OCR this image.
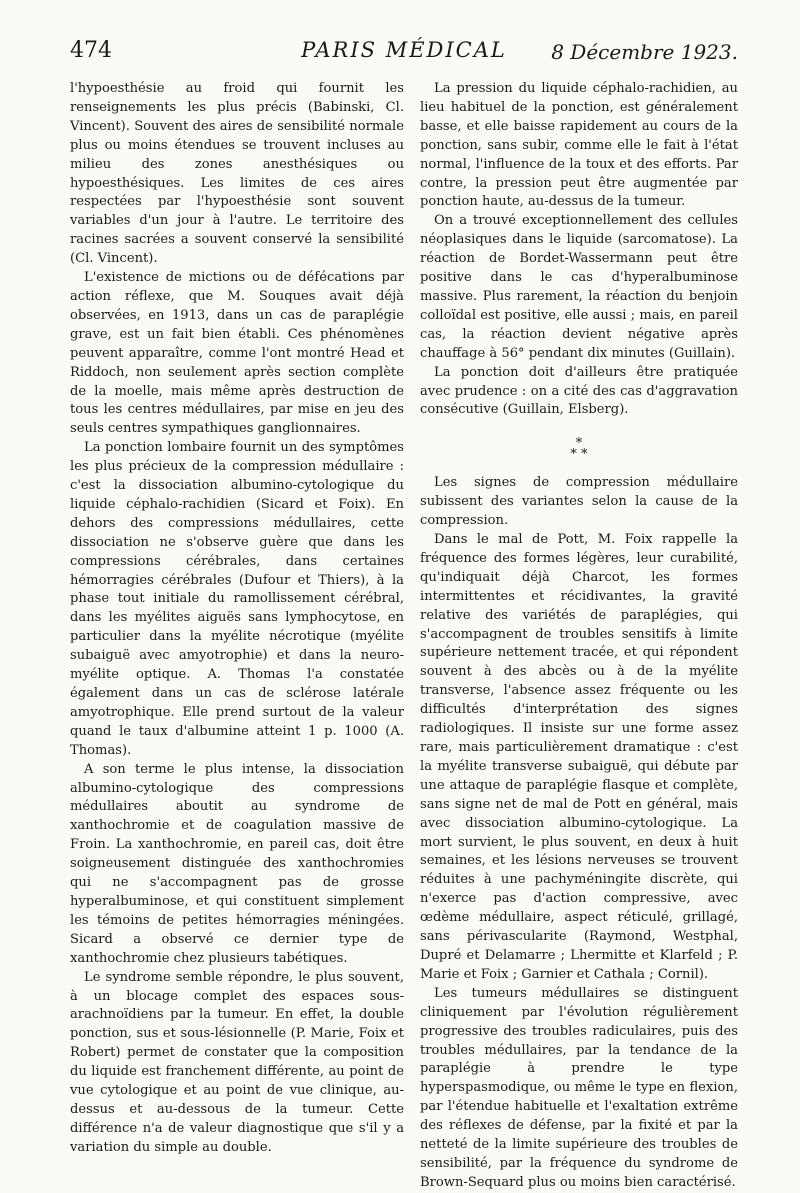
474	PARIS MÉDICAL	8 Décembre 1923.

l'hypoesthésie au froid qui fournit les renseignements les plus précis (Babinski, Cl. Vincent). Souvent des aires de sensibilité normale plus ou moins étendues se trouvent incluses au milieu des zones anesthésiques ou hypoesthésiques. Les limites de ces aires respectées par l'hypoesthésie sont souvent variables d'un jour à l'autre. Le territoire des racines sacrées a souvent conservé la sensibilité (Cl. Vincent).

L'existence de mictions ou de défécations par action réflexe, que M. Souques avait déjà observées, en 1913, dans un cas de paraplégie grave, est un fait bien établi. Ces phénomènes peuvent apparaître, comme l'ont montré Head et Riddoch, non seulement après section complète de la moelle, mais même après destruction de tous les centres médullaires, par mise en jeu des seuls centres sympathiques ganglionnaires.

La ponction lombaire fournit un des symptômes les plus précieux de la compression médullaire : c'est la dissociation albumino-cytologique du liquide céphalo-rachidien (Sicard et Foix). En dehors des compressions médullaires, cette dissociation ne s'observe guère que dans les compressions cérébrales, dans certaines hémorragies cérébrales (Dufour et Thiers), à la phase tout initiale du ramollissement cérébral, dans les myélites aiguës sans lymphocytose, en particulier dans la myélite nécrotique (myélite subaiguë avec amyotrophie) et dans la neuro-myélite optique. A. Thomas l'a constatée également dans un cas de sclérose latérale amyotrophique. Elle prend surtout de la valeur quand le taux d'albumine atteint 1 p. 1000 (A. Thomas).

A son terme le plus intense, la dissociation albumino-cytologique des compressions médullaires aboutit au syndrome de xanthochromie et de coagulation massive de Froin. La xanthochromie, en pareil cas, doit être soigneusement distinguée des xanthochromies qui ne s'accompagnent pas de grosse hyperalbuminose, et qui constituent simplement les témoins de petites hémorragies méningées. Sicard a observé ce dernier type de xanthochromie chez plusieurs tabétiques.

Le syndrome semble répondre, le plus souvent, à un blocage complet des espaces sous-arachnoïdiens par la tumeur. En effet, la double ponction, sus et sous-lésionnelle (P. Marie, Foix et Robert) permet de constater que la composition du liquide est franchement différente, au point de vue cytologique et au point de vue clinique, au-dessus et au-dessous de la tumeur. Cette différence n'a de valeur diagnostique que s'il y a variation du simple au double.

La pression du liquide céphalo-rachidien, au lieu habituel de la ponction, est généralement basse, et elle baisse rapidement au cours de la ponction, sans subir, comme elle le fait à l'état normal, l'influence de la toux et des efforts. Par contre, la pression peut être augmentée par ponction haute, au-dessus de la tumeur.

On a trouvé exceptionnellement des cellules néoplasiques dans le liquide (sarcomatose). La réaction de Bordet-Wassermann peut être positive dans le cas d'hyperalbuminose massive. Plus rarement, la réaction du benjoin colloïdal est positive, elle aussi ; mais, en pareil cas, la réaction devient négative après chauffage à 56° pendant dix minutes (Guillain).

La ponction doit d'ailleurs être pratiquée avec prudence : on a cité des cas d'aggravation consécutive (Guillain, Elsberg).

*
* *

Les signes de compression médullaire subissent des variantes selon la cause de la compression.

Dans le mal de Pott, M. Foix rappelle la fréquence des formes légères, leur curabilité, qu'indiquait déjà Charcot, les formes intermittentes et récidivantes, la gravité relative des variétés de paraplégies, qui s'accompagnent de troubles sensitifs à limite supérieure nettement tracée, et qui répondent souvent à des abcès ou à de la myélite transverse, l'absence assez fréquente ou les difficultés d'interprétation des signes radiologiques. Il insiste sur une forme assez rare, mais particulièrement dramatique : c'est la myélite transverse subaiguë, qui débute par une attaque de paraplégie flasque et complète, sans signe net de mal de Pott en général, mais avec dissociation albumino-cytologique. La mort survient, le plus souvent, en deux à huit semaines, et les lésions nerveuses se trouvent réduites à une pachyméningite discrète, qui n'exerce pas d'action compressive, avec œdème médullaire, aspect réticulé, grillagé, sans périvascularite (Raymond, Westphal, Dupré et Delamarre ; Lhermitte et Klarfeld ; P. Marie et Foix ; Garnier et Cathala ; Cornil).

Les tumeurs médullaires se distinguent cliniquement par l'évolution régulièrement progressive des troubles radiculaires, puis des troubles médullaires, par la tendance de la paraplégie à prendre le type hyperspasmodique, ou même le type en flexion, par l'étendue habituelle et l'exaltation extrême des réflexes de défense, par la fixité et par la netteté de la limite supérieure des troubles de sensibilité, par la fréquence du syndrome de Brown-Sequard plus ou moins bien caractérisé.
